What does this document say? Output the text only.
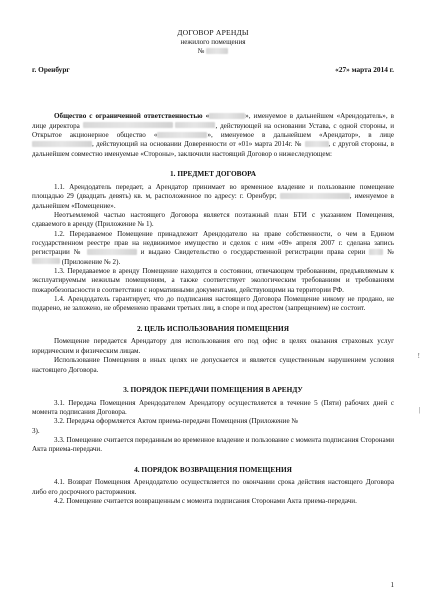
ДОГОВОР АРЕНДЫ
нежилого помещения
№
г. Оренбург	«27» марта 2014 г.

Общество с ограниченной ответственностью «	», именуемое в дальнейшем «Арендодатель», в лице директора	, действующей на основании Устава, с одной стороны, и Открытое акционерное общество «	», именуемое в дальнейшем «Арендатор», в лице , действующий на основании Доверенности от «01» марта 2014г. №	, с другой стороны, в дальнейшем совместно именуемые «Стороны», заключили настоящий Договор о нижеследующем:

1. ПРЕДМЕТ ДОГОВОРА

1.1. Арендодатель передает, а Арендатор принимает во временное владение и пользование помещение площадью 29 (двадцать девять) кв. м, расположенное по адресу: г. Оренбург,	, именуемое в дальнейшем «Помещение».

Неотъемлемой частью настоящего Договора является поэтажный план БТИ с указанием Помещения, сдаваемого в аренду (Приложение № 1).

1.2. Передаваемое Помещение принадлежит Арендодателю на праве собственности, о чем в Едином государственном реестре прав на недвижимое имущество и сделок с ним «09» апреля 2007 г. сделана запись регистрации №	и выдано Свидетельство о государственной регистрации права серии	№  (Приложение № 2).

1.3. Передаваемое в аренду Помещение находится в состоянии, отвечающем требованиям, предъявляемым к эксплуатируемым нежилым помещениям, а также соответствует экологическим требованиям и требованиям пожаробезопасности в соответствии с нормативными документами, действующими на территории РФ.

1.4. Арендодатель гарантирует, что до подписания настоящего Договора Помещение никому не продано, не подарено, не заложено, не обременено правами третьих лиц, в споре и под арестом (запрещением) не состоит.

2. ЦЕЛЬ ИСПОЛЬЗОВАНИЯ ПОМЕЩЕНИЯ

Помещение передается Арендатору для использования его под офис в целях оказания страховых услуг юридическим и физическим лицам.

Использование Помещения в иных целях не допускается и является существенным нарушением условия настоящего Договора.

3. ПОРЯДОК ПЕРЕДАЧИ ПОМЕЩЕНИЯ В АРЕНДУ

3.1. Передача Помещения Арендодателем Арендатору осуществляется в течение 5 (Пяти) рабочих дней с момента подписания Договора.

3.2. Передача оформляется Актом приема-передачи Помещения (Приложение №

3).

3.3. Помещение считается переданным во временное владение и пользование с момента подписания Сторонами Акта приема-передачи.

4. ПОРЯДОК ВОЗВРАЩЕНИЯ ПОМЕЩЕНИЯ

4.1. Возврат Помещения Арендодателю осуществляется по окончании срока действия настоящего Договора либо его досрочного расторжения.

4.2. Помещение считается возвращенным с момента подписания Сторонами Акта приема-передачи.

1
!
|
